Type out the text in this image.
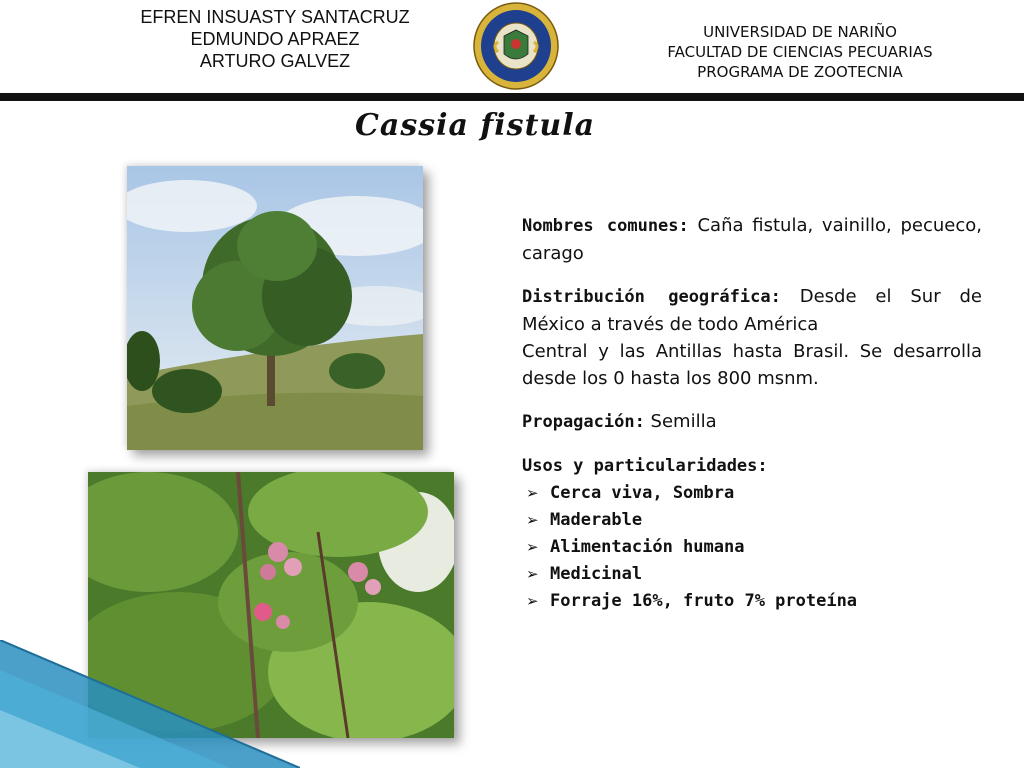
EFREN INSUASTY SANTACRUZ
EDMUNDO APRAEZ
ARTURO GALVEZ
UNIVERSIDAD DE NARIÑO
FACULTAD DE CIENCIAS PECUARIAS
PROGRAMA DE ZOOTECNIA
Cassia fistula

Nombres comunes: Caña fistula, vainillo, pecueco, carago

Distribución geográfica: Desde el Sur de México a través de todo América

Central y las Antillas hasta Brasil. Se desarrolla desde los 0 hasta los 800 msnm.

Propagación: Semilla

Usos y particularidades:

➢ Cerca viva, Sombra
➢ Maderable
➢ Alimentación humana
➢ Medicinal
➢ Forraje 16%, fruto 7% proteína
